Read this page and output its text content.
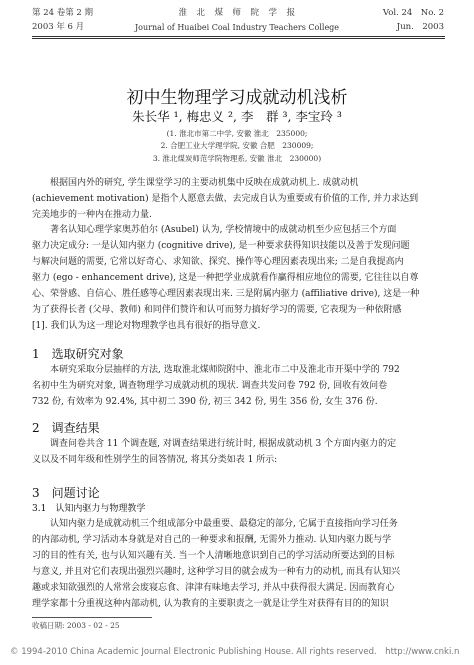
第 24 卷第 2 期
2003 年 6 月
淮　北　煤　师　院　学　报
Journal of Huaibei Coal Industry Teachers College
Vol. 24　No. 2
Jun.　2003
初中生物理学习成就动机浅析
朱长华 ¹, 梅忠义 ², 李　群 ³, 李宝玲 ³
(1. 淮北市第二中学, 安徽 淮北　235000;
2. 合肥工业大学理学院, 安徽 合肥　230009;
3. 淮北煤炭师范学院物理系, 安徽 淮北　230000)
根据国内外的研究, 学生课堂学习的主要动机集中反映在成就动机上. 成就动机
(achievement motivation) 是指个人愿意去做、去完成自认为重要或有价值的工作, 并力求达到
完美地步的一种内在推动力量.
著名认知心理学家奥苏伯尔 (Asubel) 认为, 学校情境中的成就动机至少应包括三个方面
驱力决定成分: 一是认知内驱力 (cognitive drive), 是一种要求获得知识技能以及善于发现问题
与解决问题的需要, 它常以好奇心、求知欲、探究、操作等心理因素表现出来; 二是自我提高内
驱力 (ego - enhancement drive), 这是一种把学业成就看作赢得相应地位的需要, 它往往以自尊
心、荣誉感、自信心、胜任感等心理因素表现出来. 三是附属内驱力 (affiliative drive), 这是一种
为了获得长者 (父母、教师) 和同伴们赞许和认可而努力搞好学习的需要, 它表现为一种依附感
[1]. 我们认为这一理论对物理教学也具有很好的指导意义.
1　选取研究对象
本研究采取分层抽样的方法, 选取淮北煤师院附中、淮北市二中及淮北市开渠中学的 792
名初中生为研究对象, 调查物理学习成就动机的现状. 调查共发问卷 792 份, 回收有效问卷
732 份, 有效率为 92.4%, 其中初二 390 份, 初三 342 份, 男生 356 份, 女生 376 份.
2　调查结果
调查问卷共含 11 个调查题, 对调查结果进行统计时, 根据成就动机 3 个方面内驱力的定
义以及不同年级和性别学生的回答情况, 将其分类如表 1 所示:
3　问题讨论
3.1　认知内驱力与物理教学
认知内驱力是成就动机三个组成部分中最重要、最稳定的部分, 它属于直接指向学习任务
的内部动机, 学习活动本身就是对自己的一种要求和报酬, 无需外力推动. 认知内驱力既与学
习的目的性有关, 也与认知兴趣有关. 当一个人清晰地意识到自己的学习活动所要达到的目标
与意义, 并且对它们表现出强烈兴趣时, 这种学习目的就会成为一种有力的动机, 而具有认知兴
趣或求知欲强烈的人常常会废寝忘食、津津有味地去学习, 并从中获得很大满足. 因而教育心
理学家都十分重视这种内部动机, 认为教育的主要职责之一就是让学生对获得有目的的知识
收稿日期: 2003 - 02 - 25
© 1994-2010 China Academic Journal Electronic Publishing House. All rights reserved.　http://www.cnki.n
